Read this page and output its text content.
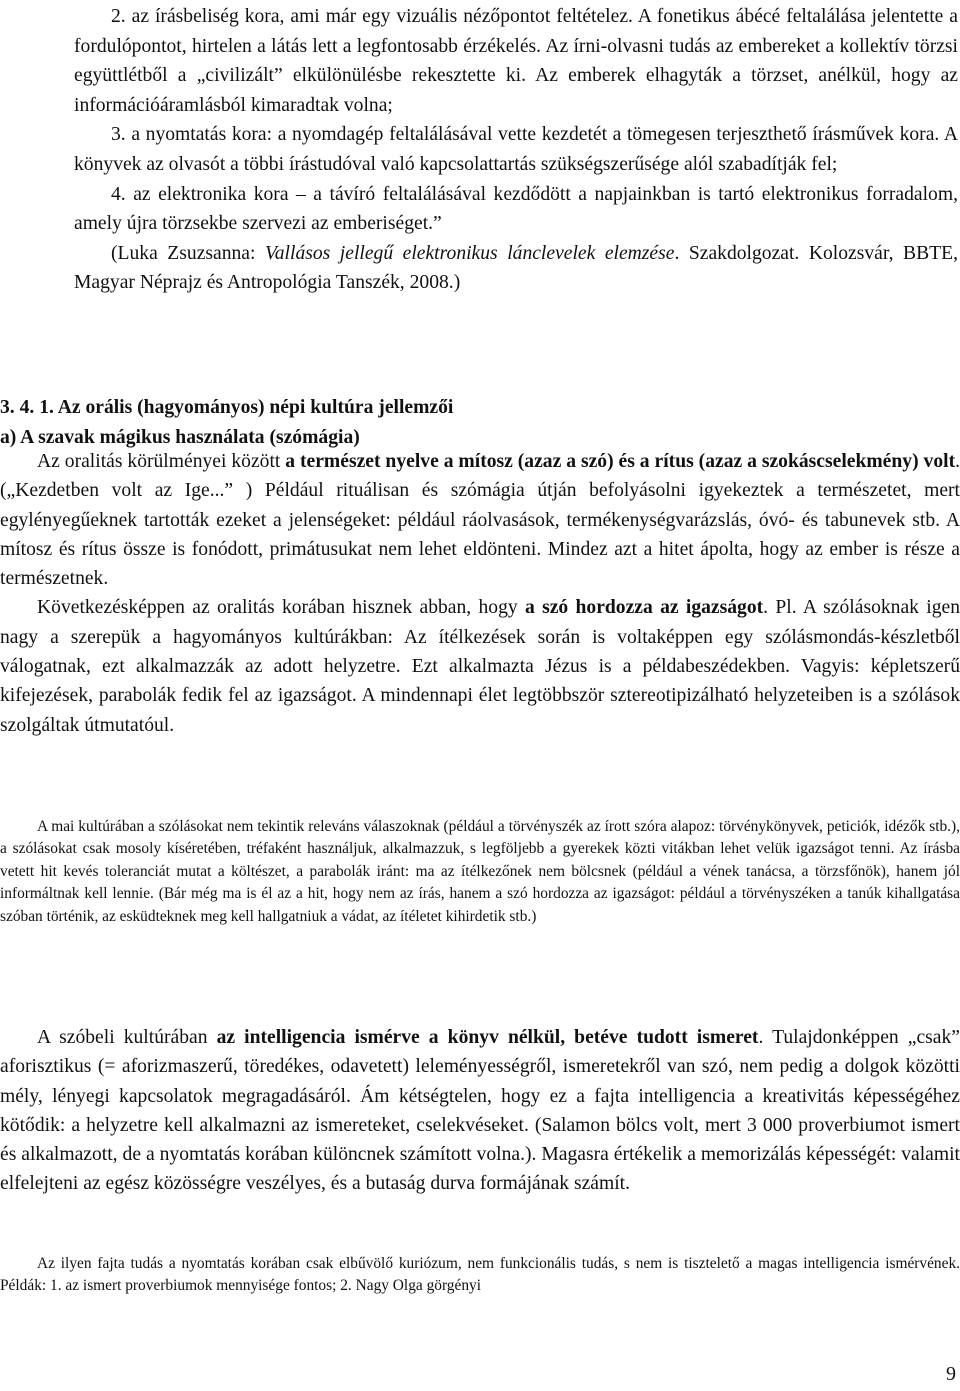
2. az írásbeliség kora, ami már egy vizuális nézőpontot feltételez. A fonetikus ábécé feltalálása jelentette a fordulópontot, hirtelen a látás lett a legfontosabb érzékelés. Az írni-olvasni tudás az embereket a kollektív törzsi együttlétből a „civilizált” elkülönülésbe rekesztette ki. Az emberek elhagyták a törzset, anélkül, hogy az információáramlásból kimaradtak volna;

3. a nyomtatás kora: a nyomdagép feltalálásával vette kezdetét a tömegesen terjeszthető írásművek kora. A könyvek az olvasót a többi írástudóval való kapcsolattartás szükségszerűsége alól szabadítják fel;

4. az elektronika kora – a távíró feltalálásával kezdődött a napjainkban is tartó elektronikus forradalom, amely újra törzsekbe szervezi az emberiséget.”

(Luka Zsuzsanna: Vallásos jellegű elektronikus lánclevelek elemzése. Szakdolgozat. Kolozsvár, BBTE, Magyar Néprajz és Antropológia Tanszék, 2008.)

3. 4. 1. Az orális (hagyományos) népi kultúra jellemzői

a) A szavak mágikus használata (szómágia)

Az oralitás körülményei között a természet nyelve a mítosz (azaz a szó) és a rítus (azaz a szokáscselekmény) volt. („Kezdetben volt az Ige...” ) Például rituálisan és szómágia útján befolyásolni igyekeztek a természetet, mert egylényegűeknek tartották ezeket a jelenségeket: például ráolvasások, termékenységvarázslás, óvó- és tabunevek stb. A mítosz és rítus össze is fonódott, primátusukat nem lehet eldönteni. Mindez azt a hitet ápolta, hogy az ember is része a természetnek.

Következésképpen az oralitás korában hisznek abban, hogy a szó hordozza az igazságot. Pl. A szólásoknak igen nagy a szerepük a hagyományos kultúrákban: Az ítélkezések során is voltaképpen egy szólásmondás-készletből válogatnak, ezt alkalmazzák az adott helyzetre. Ezt alkalmazta Jézus is a példabeszédekben. Vagyis: képletszerű kifejezések, parabolák fedik fel az igazságot. A mindennapi élet legtöbbször sztereotipizálható helyzeteiben is a szólások szolgáltak útmutatóul.

A mai kultúrában a szólásokat nem tekintik releváns válaszoknak (például a törvényszék az írott szóra alapoz: törvénykönyvek, peticiók, idézők stb.), a szólásokat csak mosoly kíséretében, tréfaként használjuk, alkalmazzuk, s legföljebb a gyerekek közti vitákban lehet velük igazságot tenni. Az írásba vetett hit kevés toleranciát mutat a költészet, a parabolák iránt: ma az ítélkezőnek nem bölcsnek (például a vének tanácsa, a törzsfőnök), hanem jól informáltnak kell lennie. (Bár még ma is él az a hit, hogy nem az írás, hanem a szó hordozza az igazságot: például a törvényszéken a tanúk kihallgatása szóban történik, az esküdteknek meg kell hallgatniuk a vádat, az ítéletet kihirdetik stb.)

A szóbeli kultúrában az intelligencia ismérve a könyv nélkül, betéve tudott ismeret. Tulajdonképpen „csak” aforisztikus (= aforizmaszerű, töredékes, odavetett) leleményességről, ismeretekről van szó, nem pedig a dolgok közötti mély, lényegi kapcsolatok megragadásáról. Ám kétségtelen, hogy ez a fajta intelligencia a kreativitás képességéhez kötődik: a helyzetre kell alkalmazni az ismereteket, cselekvéseket. (Salamon bölcs volt, mert 3 000 proverbiumot ismert és alkalmazott, de a nyomtatás korában különcnek számított volna.). Magasra értékelik a memorizálás képességét: valamit elfelejteni az egész közösségre veszélyes, és a butaság durva formájának számít.

Az ilyen fajta tudás a nyomtatás korában csak elbűvölő kuriózum, nem funkcionális tudás, s nem is tisztelető a magas intelligencia ismérvének. Példák: 1. az ismert proverbiumok mennyisége fontos; 2. Nagy Olga görgényi

9
